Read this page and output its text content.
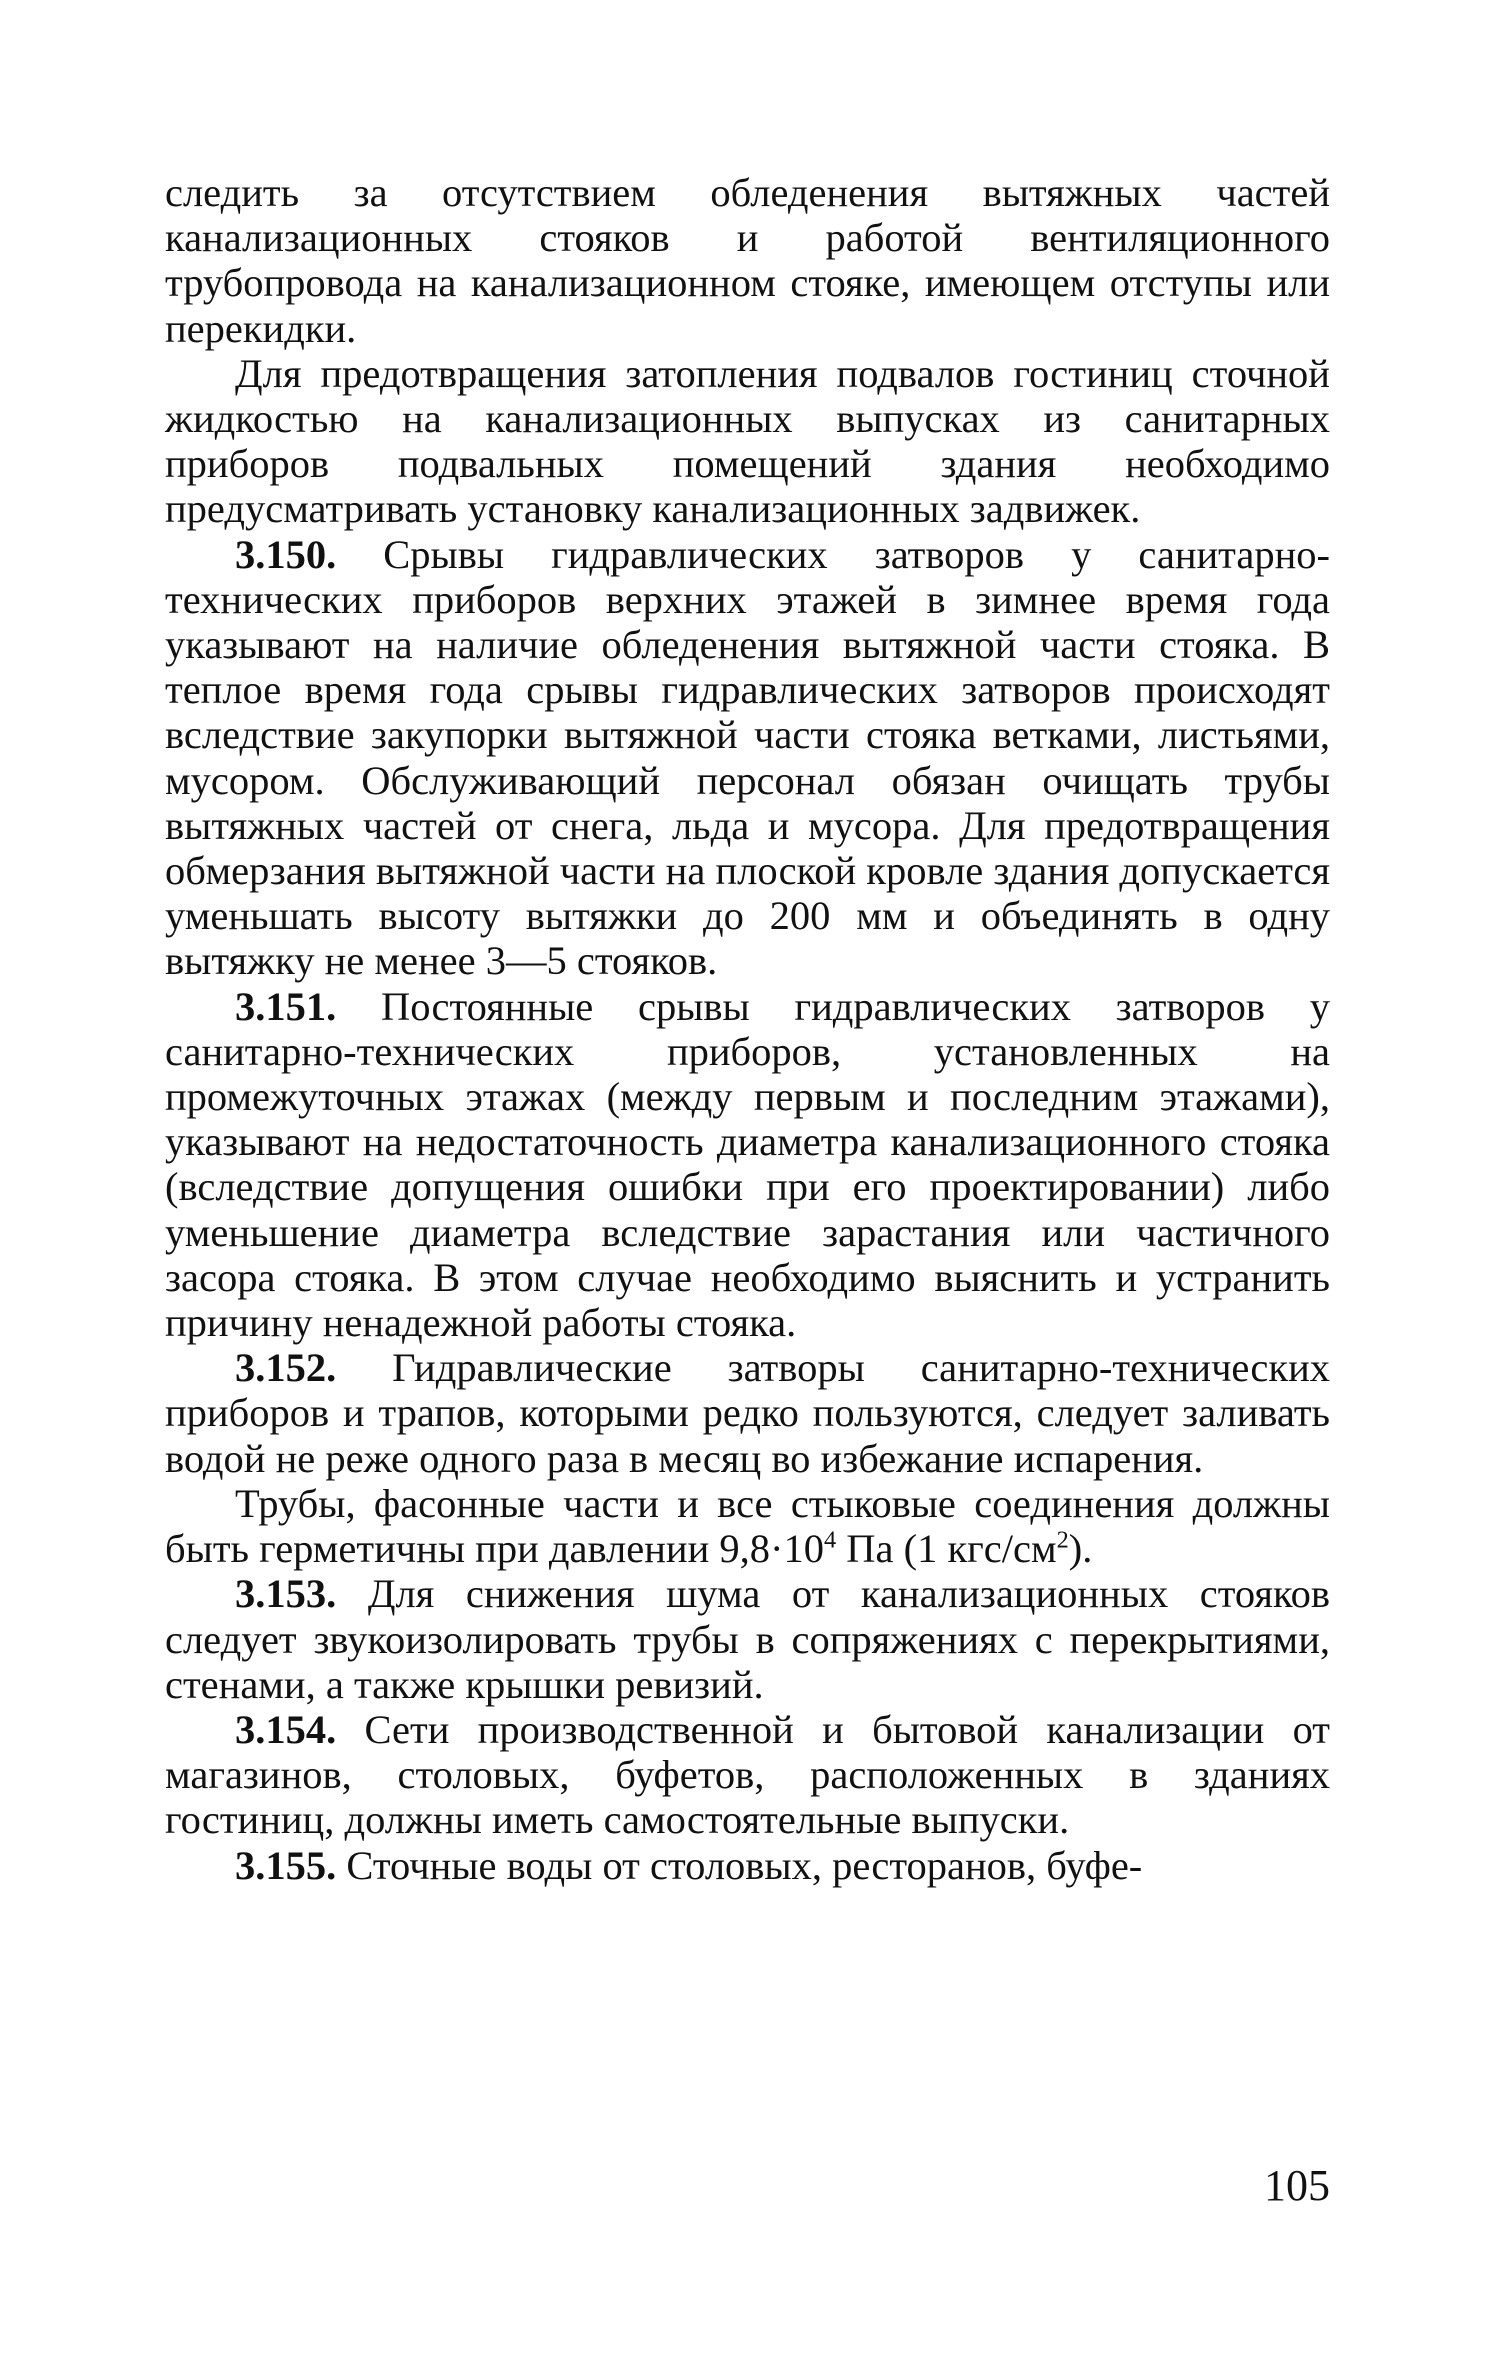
следить за отсутствием обледенения вытяжных частей канализационных стояков и работой вентиляционного трубопровода на канализационном стояке, имеющем отступы или перекидки.

Для предотвращения затопления подвалов гостиниц сточной жидкостью на канализационных выпусках из санитарных приборов подвальных помещений здания необходимо предусматривать установку канализационных задвижек.

3.150. Срывы гидравлических затворов у санитарно-технических приборов верхних этажей в зимнее время года указывают на наличие обледенения вытяжной части стояка. В теплое время года срывы гидравлических затворов происходят вследствие закупорки вытяжной части стояка ветками, листьями, мусором. Обслуживающий персонал обязан очищать трубы вытяжных частей от снега, льда и мусора. Для предотвращения обмерзания вытяжной части на плоской кровле здания допускается уменьшать высоту вытяжки до 200 мм и объединять в одну вытяжку не менее 3—5 стояков.

3.151. Постоянные срывы гидравлических затворов у санитарно-технических приборов, установленных на промежуточных этажах (между первым и последним этажами), указывают на недостаточность диаметра канализационного стояка (вследствие допущения ошибки при его проектировании) либо уменьшение диаметра вследствие зарастания или частичного засора стояка. В этом случае необходимо выяснить и устранить причину ненадежной работы стояка.

3.152. Гидравлические затворы санитарно-технических приборов и трапов, которыми редко пользуются, следует заливать водой не реже одного раза в месяц во избежание испарения.

Трубы, фасонные части и все стыковые соединения должны быть герметичны при давлении $9,8\cdot 10^4$ Па (1 кгс/$см^2$).

3.153. Для снижения шума от канализационных стояков следует звукоизолировать трубы в сопряжениях с перекрытиями, стенами, а также крышки ревизий.

3.154. Сети производственной и бытовой канализации от магазинов, столовых, буфетов, расположенных в зданиях гостиниц, должны иметь самостоятельные выпуски.

3.155. Сточные воды от столовых, ресторанов, буфе-

105
